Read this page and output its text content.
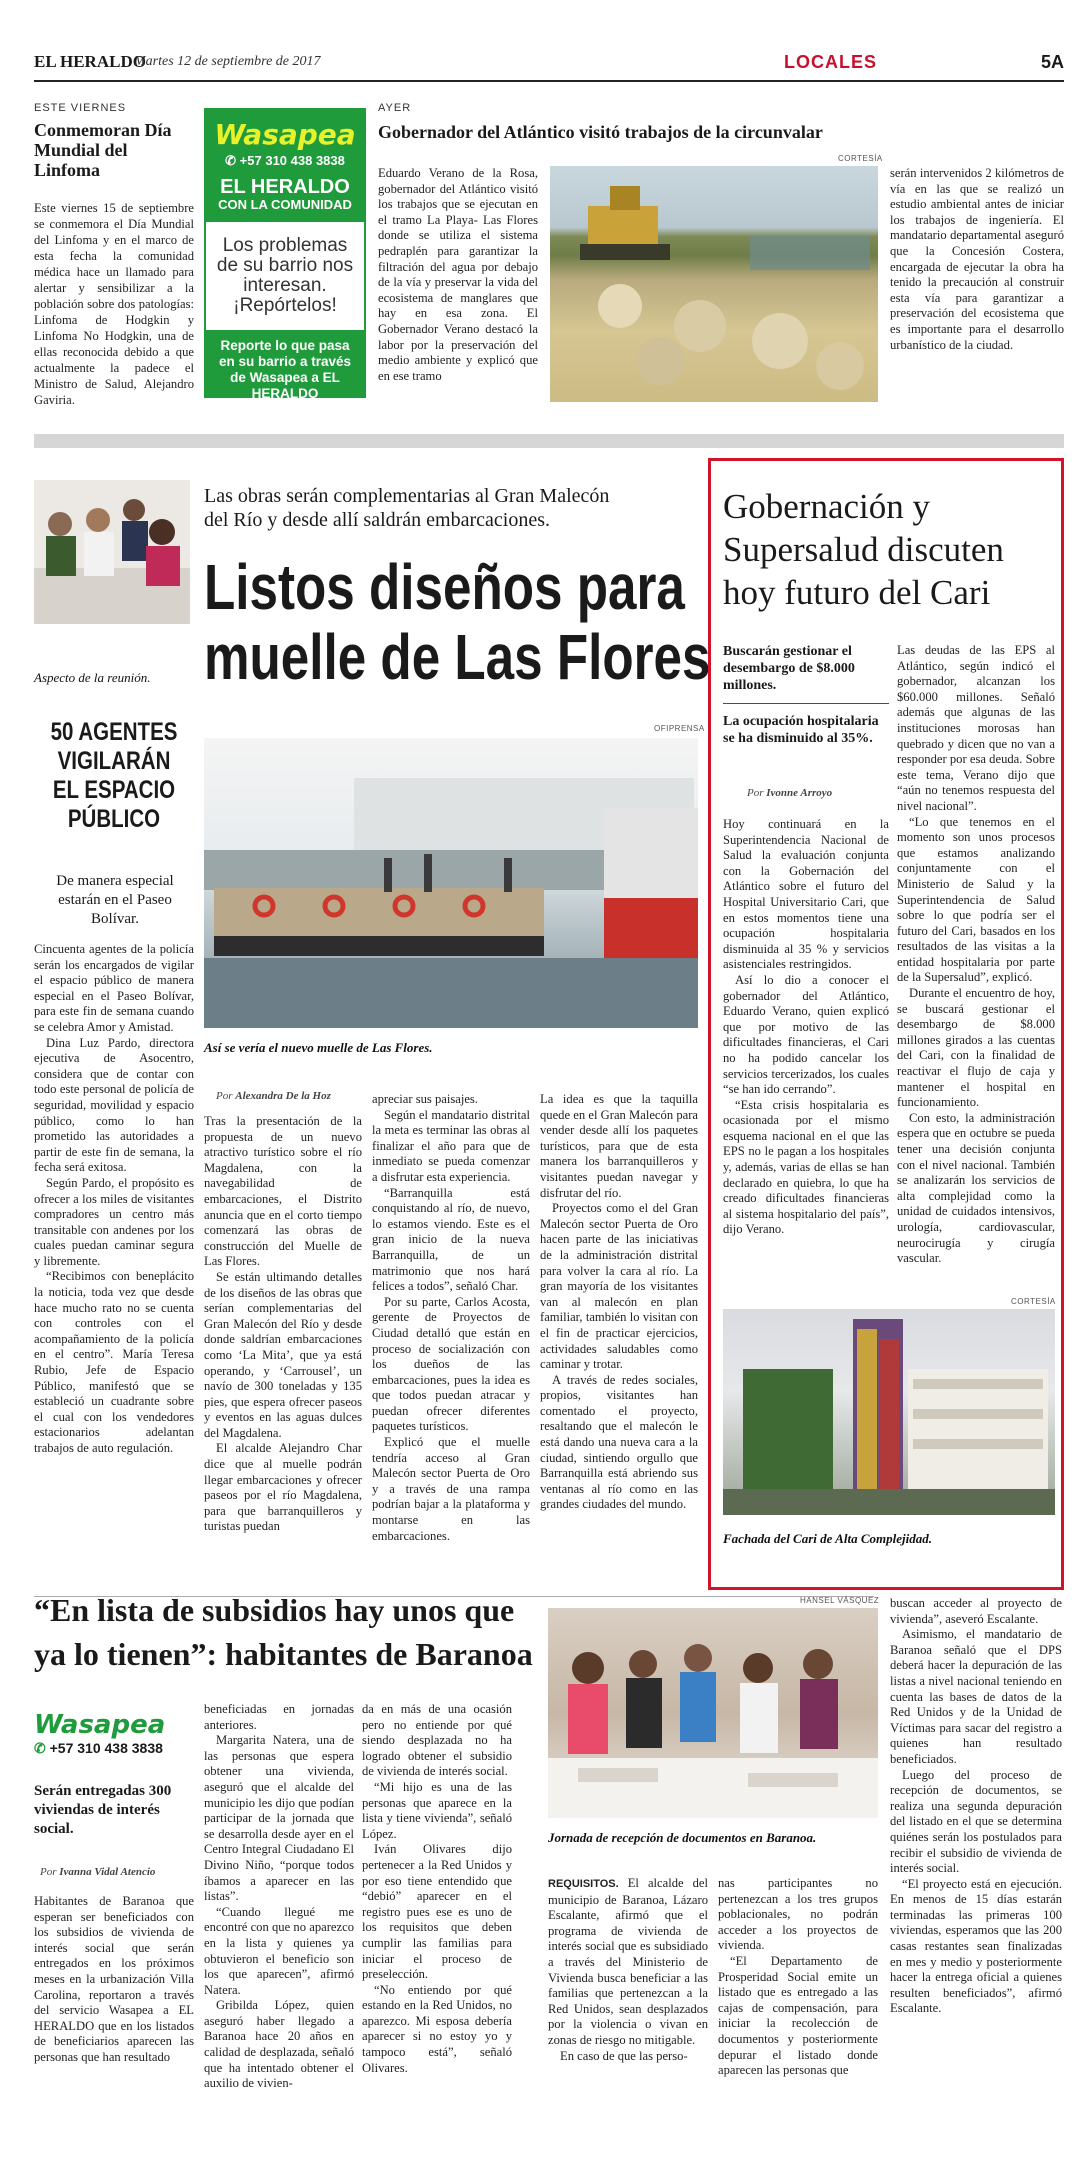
EL HERALDO
Martes 12 de septiembre de 2017	LOCALES	5A
ESTE VIERNES
Conmemoran Día Mundial del Linfoma
Este viernes 15 de septiembre se conmemora el Día Mundial del Linfoma y en el marco de esta fecha la comunidad médica hace un llamado para alertar y sensibilizar a la población sobre dos patologías: Linfoma de Hodgkin y Linfoma No Hodgkin, una de ellas reconocida debido a que actualmente la padece el Ministro de Salud, Alejandro Gaviria.
Wasapea
✆ +57 310 438 3838
EL HERALDO
CON LA COMUNIDAD
Los problemas de su barrio nos interesan. ¡Repórtelos!
Reporte lo que pasa en su barrio a través de Wasapea a EL HERALDO
AYER
Gobernador del Atlántico visitó trabajos de la circunvalar
CORTESÍA
Eduardo Verano de la Rosa, gobernador del Atlántico visitó los trabajos que se ejecutan en el tramo La Playa- Las Flores donde se utiliza el sistema pedraplén para garantizar la filtración del agua por debajo de la vía y preservar la vida del ecosistema de manglares que hay en esa zona. El Gobernador Verano destacó la labor por la preservación del medio ambiente y explicó que en ese tramo
serán intervenidos 2 kilómetros de vía en las que se realizó un estudio ambiental antes de iniciar los trabajos de ingeniería. El mandatario departamental aseguró que la Concesión Costera, encargada de ejecutar la obra ha tenido la precaución al construir esta vía para garantizar a preservación del ecosistema que es importante para el desarrollo urbanístico de la ciudad.
Aspecto de la reunión.
50 AGENTES VIGILARÁN EL ESPACIO PÚBLICO
De manera especial estarán en el Paseo Bolívar.

Cincuenta agentes de la policía serán los encargados de vigilar el espacio público de manera especial en el Paseo Bolívar, para este fin de semana cuando se celebra Amor y Amistad.

Dina Luz Pardo, directora ejecutiva de Asocentro, considera que de contar con todo este personal de policía de seguridad, movilidad y espacio público, como lo han prometido las autoridades a partir de este fin de semana, la fecha será exitosa.

Según Pardo, el propósito es ofrecer a los miles de visitantes compradores un centro más transitable con andenes por los cuales puedan caminar segura y libremente.

“Recibimos con beneplácito la noticia, toda vez que desde hace mucho rato no se cuenta con controles con el acompañamiento de la policía en el centro”. María Teresa Rubio, Jefe de Espacio Público, manifestó que se estableció un cuadrante sobre el cual con los vendedores estacionarios adelantan trabajos de auto regulación.

Las obras serán complementarias al Gran Malecón del Río y desde allí saldrán embarcaciones.
Listos diseños para
muelle de Las Flores
OFIPRENSA
Así se vería el nuevo muelle de Las Flores.
Por Alexandra De la Hoz

Tras la presentación de la propuesta de un nuevo atractivo turístico sobre el río Magdalena, con la navegabilidad de embarcaciones, el Distrito anuncia que en el corto tiempo comenzará las obras de construcción del Muelle de Las Flores.

Se están ultimando detalles de los diseños de las obras que serían complementarias del Gran Malecón del Río y desde donde saldrían embarcaciones como ‘La Mita’, que ya está operando, y ‘Carrousel’, un navío de 300 toneladas y 135 pies, que espera ofrecer paseos y eventos en las aguas dulces del Magdalena.

El alcalde Alejandro Char dice que al muelle podrán llegar embarcaciones y ofrecer paseos por el río Magdalena, para que barranquilleros y turistas puedan

apreciar sus paisajes.

Según el mandatario distrital la meta es terminar las obras al finalizar el año para que de inmediato se pueda comenzar a disfrutar esta experiencia.

“Barranquilla está conquistando al río, de nuevo, lo estamos viendo. Este es el gran inicio de la nueva Barranquilla, de un matrimonio que nos hará felices a todos”, señaló Char.

Por su parte, Carlos Acosta, gerente de Proyectos de Ciudad detalló que están en proceso de socialización con los dueños de las embarcaciones, pues la idea es que todos puedan atracar y puedan ofrecer diferentes paquetes turísticos.

Explicó que el muelle tendría acceso al Gran Malecón sector Puerta de Oro y a través de una rampa podrían bajar a la plataforma y montarse en las embarcaciones.

La idea es que la taquilla quede en el Gran Malecón para vender desde allí los paquetes turísticos, para que de esta manera los barranquilleros y visitantes puedan navegar y disfrutar del río.

Proyectos como el del Gran Malecón sector Puerta de Oro hacen parte de las iniciativas de la administración distrital para volver la cara al río. La gran mayoría de los visitantes van al malecón en plan familiar, también lo visitan con el fin de practicar ejercicios, actividades saludables como caminar y trotar.

A través de redes sociales, propios, visitantes han comentado el proyecto, resaltando que el malecón le está dando una nueva cara a la ciudad, sintiendo orgullo que Barranquilla está abriendo sus ventanas al río como en las grandes ciudades del mundo.

Gobernación y Supersalud discuten hoy futuro del Cari
Buscarán gestionar el desembargo de $8.000 millones.
La ocupación hospitalaria se ha disminuido al 35%.
Por Ivonne Arroyo

Hoy continuará en la Superintendencia Nacional de Salud la evaluación conjunta con la Gobernación del Atlántico sobre el futuro del Hospital Universitario Cari, que en estos momentos tiene una ocupación hospitalaria disminuida al 35 % y servicios asistenciales restringidos.

Así lo dio a conocer el gobernador del Atlántico, Eduardo Verano, quien explicó que por motivo de las dificultades financieras, el Cari no ha podido cancelar los servicios tercerizados, los cuales “se han ido cerrando”.

“Esta crisis hospitalaria es ocasionada por el mismo esquema nacional en el que las EPS no le pagan a los hospitales y, además, varias de ellas se han declarado en quiebra, lo que ha creado dificultades financieras al sistema hospitalario del país”, dijo Verano.

Las deudas de las EPS al Atlántico, según indicó el gobernador, alcanzan los $60.000 millones. Señaló además que algunas de las instituciones morosas han quebrado y dicen que no van a responder por esa deuda. Sobre este tema, Verano dijo que “aún no tenemos respuesta del nivel nacional”.

“Lo que tenemos en el momento son unos procesos que estamos analizando conjuntamente con el Ministerio de Salud y la Superintendencia de Salud sobre lo que podría ser el futuro del Cari, basados en los resultados de las visitas a la entidad hospitalaria por parte de la Supersalud”, explicó.

Durante el encuentro de hoy, se buscará gestionar el desembargo de $8.000 millones girados a las cuentas del Cari, con la finalidad de reactivar el flujo de caja y mantener el hospital en funcionamiento.

Con esto, la administración espera que en octubre se pueda tener una decisión conjunta con el nivel nacional. También se analizarán los servicios de alta complejidad como la unidad de cuidados intensivos, urología, cardiovascular, neurocirugía y cirugía vascular.

CORTESÍA
Fachada del Cari de Alta Complejidad.
“En lista de subsidios hay unos que ya lo tienen”: habitantes de Baranoa
Wasapea
✆ +57 310 438 3838
Serán entregadas 300 viviendas de interés social.
Por Ivanna Vidal Atencio

Habitantes de Baranoa que esperan ser beneficiados con los subsidios de vivienda de interés social que serán entregados en los próximos meses en la urbanización Villa Carolina, reportaron a través del servicio Wasapea a EL HERALDO que en los listados de beneficiarios aparecen las personas que han resultado

beneficiadas en jornadas anteriores.

Margarita Natera, una de las personas que espera obtener una vivienda, aseguró que el alcalde del municipio les dijo que podían participar de la jornada que se desarrolla desde ayer en el Centro Integral Ciudadano El Divino Niño, “porque todos íbamos a aparecer en las listas”.

“Cuando llegué me encontré con que no aparezco en la lista y quienes ya obtuvieron el beneficio son los que aparecen”, afirmó Natera.

Gribilda López, quien aseguró haber llegado a Baranoa hace 20 años en calidad de desplazada, señaló que ha intentado obtener el auxilio de vivien-

da en más de una ocasión pero no entiende por qué siendo desplazada no ha logrado obtener el subsidio de vivienda de interés social.

“Mi hijo es una de las personas que aparece en la lista y tiene vivienda”, señaló López.

Iván Olivares dijo pertenecer a la Red Unidos y por eso tiene entendido que “debió” aparecer en el registro pues ese es uno de los requisitos que deben cumplir las familias para iniciar el proceso de preselección.

“No entiendo por qué estando en la Red Unidos, no aparezco. Mi esposa debería aparecer si no estoy yo y tampoco está”, señaló Olivares.

HANSEL VÁSQUEZ
Jornada de recepción de documentos en Baranoa.

REQUISITOS. El alcalde del municipio de Baranoa, Lázaro Escalante, afirmó que el programa de vivienda de interés social que es subsidiado a través del Ministerio de Vivienda busca beneficiar a las familias que pertenezcan a la Red Unidos, sean desplazados por la violencia o vivan en zonas de riesgo no mitigable.

En caso de que las perso-

nas participantes no pertenezcan a los tres grupos poblacionales, no podrán acceder a los proyectos de vivienda.

“El Departamento de Prosperidad Social emite un listado que es entregado a las cajas de compensación, para iniciar la recolección de documentos y posteriormente depurar el listado donde aparecen las personas que

buscan acceder al proyecto de vivienda”, aseveró Escalante.

Asimismo, el mandatario de Baranoa señaló que el DPS deberá hacer la depuración de las listas a nivel nacional teniendo en cuenta las bases de datos de la Red Unidos y de la Unidad de Víctimas para sacar del registro a quienes han resultado beneficiados.

Luego del proceso de recepción de documentos, se realiza una segunda depuración del listado en el que se determina quiénes serán los postulados para recibir el subsidio de vivienda de interés social.

“El proyecto está en ejecución. En menos de 15 días estarán terminadas las primeras 100 viviendas, esperamos que las 200 casas restantes sean finalizadas en mes y medio y posteriormente hacer la entrega oficial a quienes resulten beneficiados”, afirmó Escalante.
